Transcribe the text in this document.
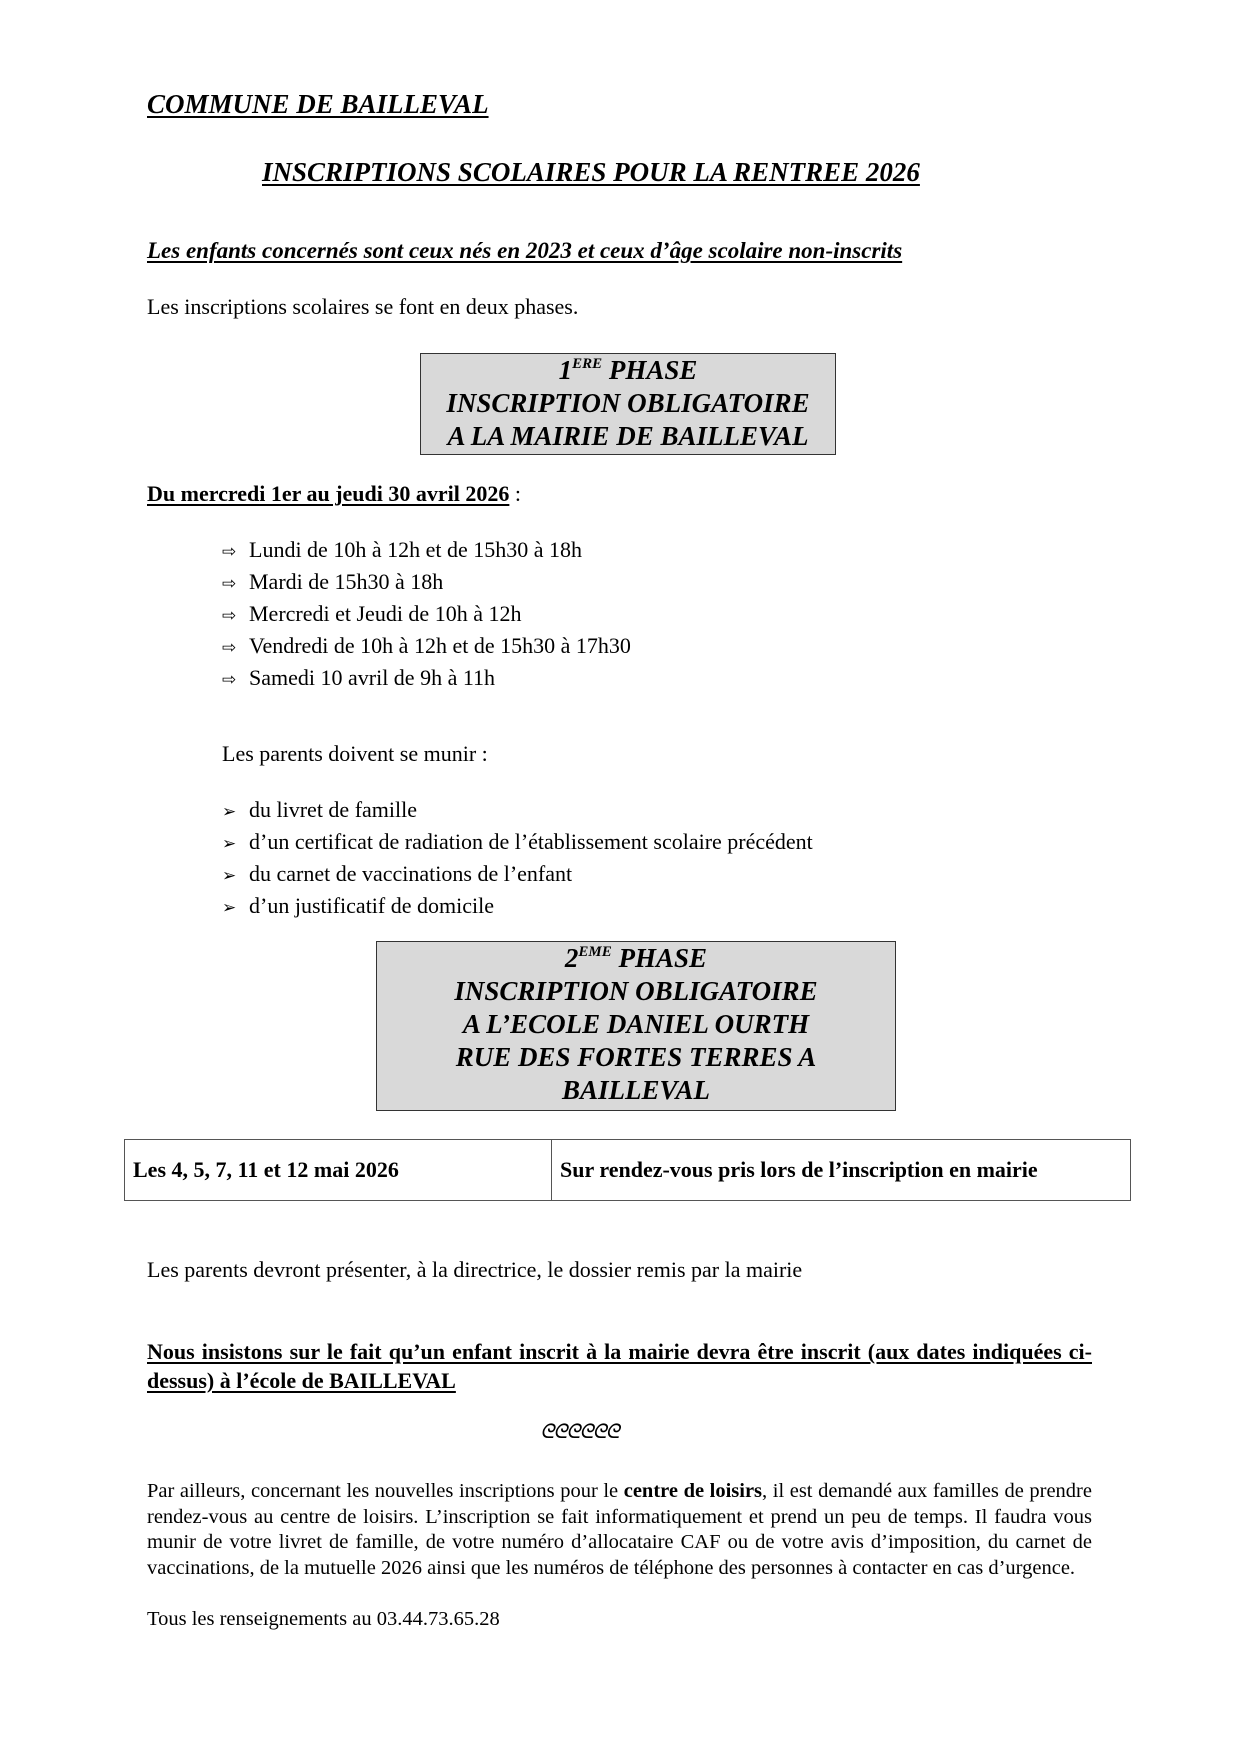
COMMUNE DE BAILLEVAL
INSCRIPTIONS SCOLAIRES POUR LA RENTREE 2026
Les enfants concernés sont ceux nés en 2023 et ceux d’âge scolaire non-inscrits
Les inscriptions scolaires se font en deux phases.
1ERE PHASE
INSCRIPTION OBLIGATOIRE
A LA MAIRIE DE BAILLEVAL
Du mercredi 1er au jeudi 30 avril 2026 :
⇨ Lundi de 10h à 12h et de 15h30 à 18h
⇨ Mardi de 15h30 à 18h
⇨ Mercredi et Jeudi de 10h à 12h
⇨ Vendredi de 10h à 12h et de 15h30 à 17h30
⇨ Samedi 10 avril de 9h à 11h
Les parents doivent se munir :
➢ du livret de famille
➢ d’un certificat de radiation de l’établissement scolaire précédent
➢ du carnet de vaccinations de l’enfant
➢ d’un justificatif de domicile
2EME PHASE
INSCRIPTION OBLIGATOIRE
A L’ECOLE DANIEL OURTH
RUE DES FORTES TERRES A
BAILLEVAL
Les 4, 5, 7, 11 et 12 mai 2026	Sur rendez-vous pris lors de l’inscription en mairie
Les parents devront présenter, à la directrice, le dossier remis par la mairie
Nous insistons sur le fait qu’un enfant inscrit à la mairie devra être inscrit (aux dates indiquées ci-dessus) à l’école de BAILLEVAL
ᘓᘓᘓᘓᘓᘓ
Par ailleurs, concernant les nouvelles inscriptions pour le centre de loisirs, il est demandé aux familles de prendre rendez-vous au centre de loisirs. L’inscription se fait informatiquement et prend un peu de temps. Il faudra vous munir de votre livret de famille, de votre numéro d’allocataire CAF ou de votre avis d’imposition, du carnet de vaccinations, de la mutuelle 2026 ainsi que les numéros de téléphone des personnes à contacter en cas d’urgence.
Tous les renseignements au 03.44.73.65.28
